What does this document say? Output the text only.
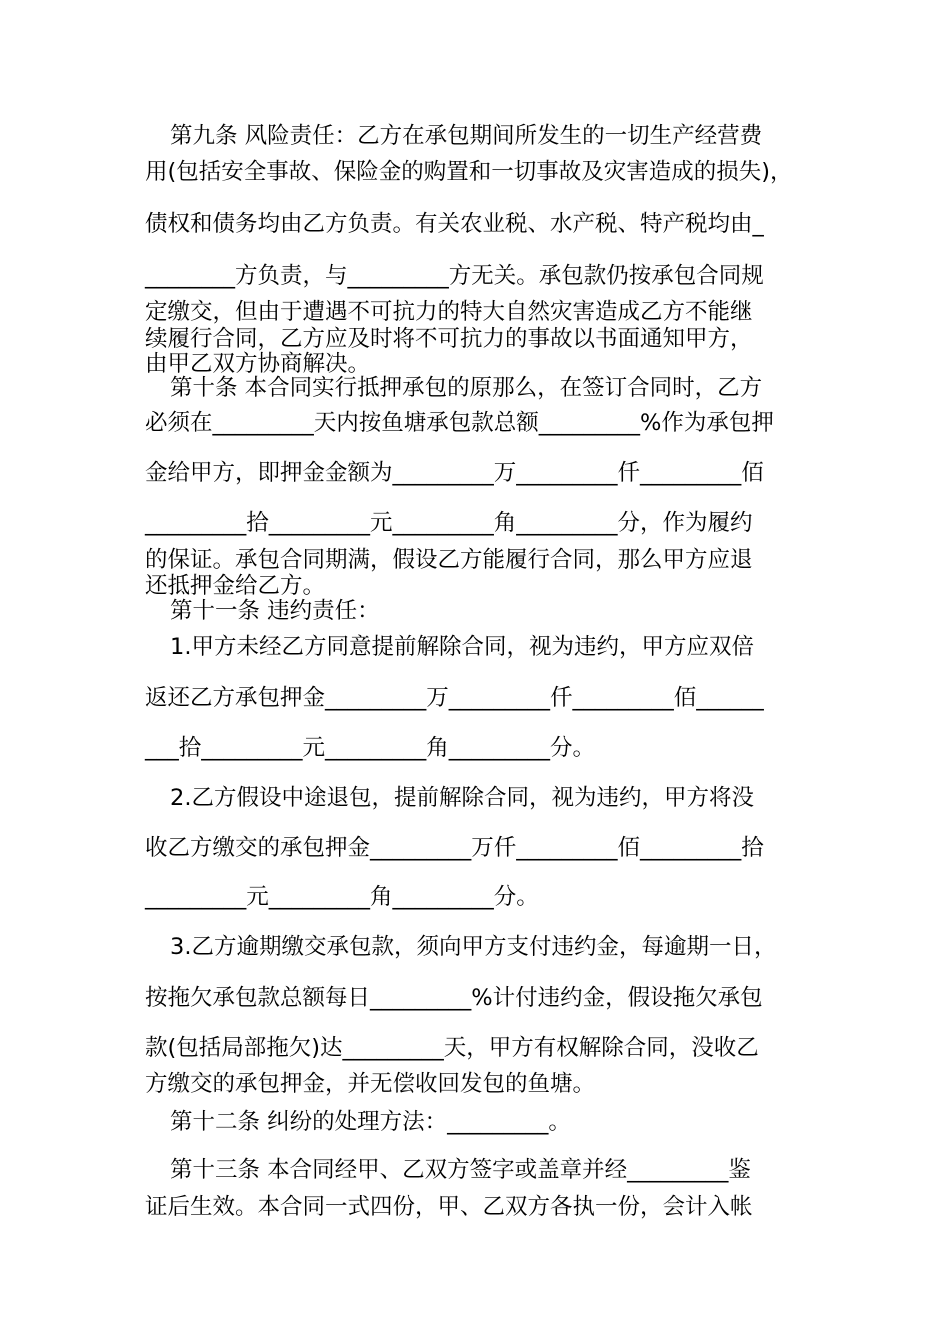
第九条 风险责任：乙方在承包期间所发生的一切生产经营费

用(包括安全事故、保险金的购置和一切事故及灾害造成的损失)，

债权和债务均由乙方负责。有关农业税、水产税、特产税均由_

________方负责，与_________方无关。承包款仍按承包合同规

定缴交，但由于遭遇不可抗力的特大自然灾害造成乙方不能继

续履行合同，乙方应及时将不可抗力的事故以书面通知甲方，

由甲乙双方协商解决。

第十条 本合同实行抵押承包的原那么，在签订合同时，乙方

必须在_________天内按鱼塘承包款总额_________%作为承包押

金给甲方，即押金金额为_________万_________仟_________佰

_________拾_________元_________角_________分，作为履约

的保证。承包合同期满，假设乙方能履行合同，那么甲方应退

还抵押金给乙方。

第十一条 违约责任：

1.甲方未经乙方同意提前解除合同，视为违约，甲方应双倍

返还乙方承包押金_________万_________仟_________佰______

___拾_________元_________角_________分。

2.乙方假设中途退包，提前解除合同，视为违约，甲方将没

收乙方缴交的承包押金_________万仟_________佰_________拾

_________元_________角_________分。

3.乙方逾期缴交承包款，须向甲方支付违约金，每逾期一日，

按拖欠承包款总额每日_________%计付违约金，假设拖欠承包

款(包括局部拖欠)达_________天，甲方有权解除合同，没收乙

方缴交的承包押金，并无偿收回发包的鱼塘。

第十二条 纠纷的处理方法：_________。

第十三条 本合同经甲、乙双方签字或盖章并经_________鉴

证后生效。本合同一式四份，甲、乙双方各执一份，会计入帐
